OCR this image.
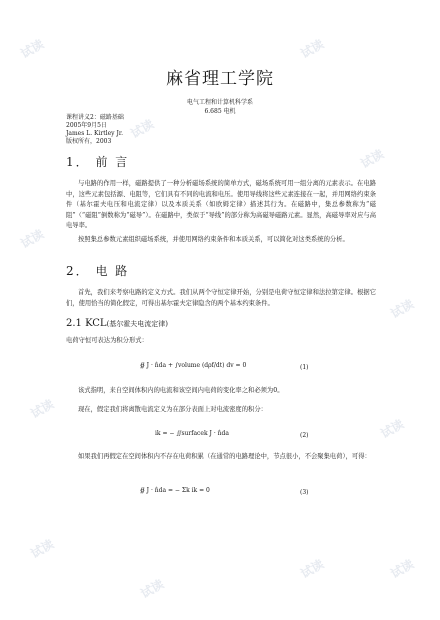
试读
试读
试读
试读
试读
试读
试读
试读
试读
试读
试读	试读
麻省理工学院
电气工程和计算机科学系
6.685 电机
课程讲义2：磁路基础
2005年9月5日
James L. Kirtley Jr.
版权所有，2003
1． 前 言
与电路的作用一样，磁路提供了一种分析磁场系统的简单方式，磁场系统可用一组分离的元素表示。在电路中，这些元素包括源、电阻等，它们具有不同的电流和电压。使用导线将这些元素连接在一起，并用网络约束条件（基尔霍夫电压和电流定律）以及本质关系（如欧姆定律）描述其行为。在磁路中，集总参数称为“磁阻”（“磁阻”倒数称为“磁导”）。在磁路中，类似于“导线”的部分称为高磁导磁路元素。显然，高磁导率对应与高电导率。
按照集总参数元素组织磁场系统，并使用网络约束条件和本质关系，可以简化对这类系统的分析。
2． 电 路
首先，我们来考察电路的定义方式。我们从两个守恒定律开始，分别是电荷守恒定律和法拉第定律。根据它们，使用恰当的简化假定，可得出基尔霍夫定律隐含的两个基本约束条件。
2.1 KCL(基尔霍夫电流定律)
电荷守恒可表达为积分形式：
∯ J · n̂da + ∫volume (dρf/dt) dv = 0	(1)
该式指明，来自空间体积内的电流和该空间内电荷的变化率之和必须为0。
现在，假定我们将离散电流定义为在部分表面上对电流密度的积分：
ik = − ∬surfacek J · n̂da	(2)
如果我们再假定在空间体积内不存在电荷积累（在通常的电路理论中，节点很小，不会聚集电荷），可得：
∯ J · n̂da = − Σk ik = 0	(3)
